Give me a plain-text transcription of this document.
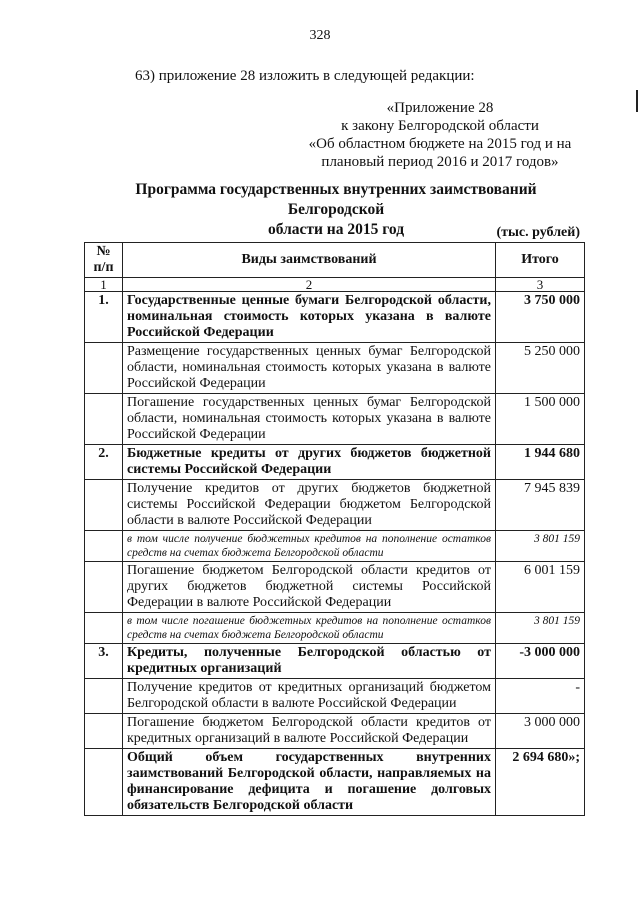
328
63) приложение 28 изложить в следующей редакции:
«Приложение 28
к закону Белгородской области
«Об областном бюджете на 2015 год и на
плановый период 2016 и 2017 годов»
Программа государственных внутренних заимствований Белгородской
области на 2015 год	(тыс. рублей)
№ п/п	Виды заимствований	Итого
1	2	3
1.	Государственные ценные бумаги Белгородской области, номинальная стоимость которых указана в валюте Российской Федерации	3 750 000
	Размещение государственных ценных бумаг Белгородской области, номинальная стоимость которых указана в валюте Российской Федерации	5 250 000
	Погашение государственных ценных бумаг Белгородской области, номинальная стоимость которых указана в валюте Российской Федерации	1 500 000
2.	Бюджетные кредиты от других бюджетов бюджетной системы Российской Федерации	1 944 680
	Получение кредитов от других бюджетов бюджетной системы Российской Федерации бюджетом Белгородской области в валюте Российской Федерации	7 945 839
	в том числе получение бюджетных кредитов на пополнение остатков средств на счетах бюджета Белгородской области	3 801 159
	Погашение бюджетом Белгородской области кредитов от других бюджетов бюджетной системы Российской Федерации в валюте Российской Федерации	6 001 159
	в том числе погашение бюджетных кредитов на пополнение остатков средств на счетах бюджета Белгородской области	3 801 159
3.	Кредиты, полученные Белгородской областью от кредитных организаций	-3 000 000
	Получение кредитов от кредитных организаций бюджетом Белгородской области в валюте Российской Федерации	-
	Погашение бюджетом Белгородской области кредитов от кредитных организаций в валюте Российской Федерации	3 000 000
	Общий объем государственных внутренних заимствований Белгородской области, направляемых на финансирование дефицита и погашение долговых обязательств Белгородской области	2 694 680»;
